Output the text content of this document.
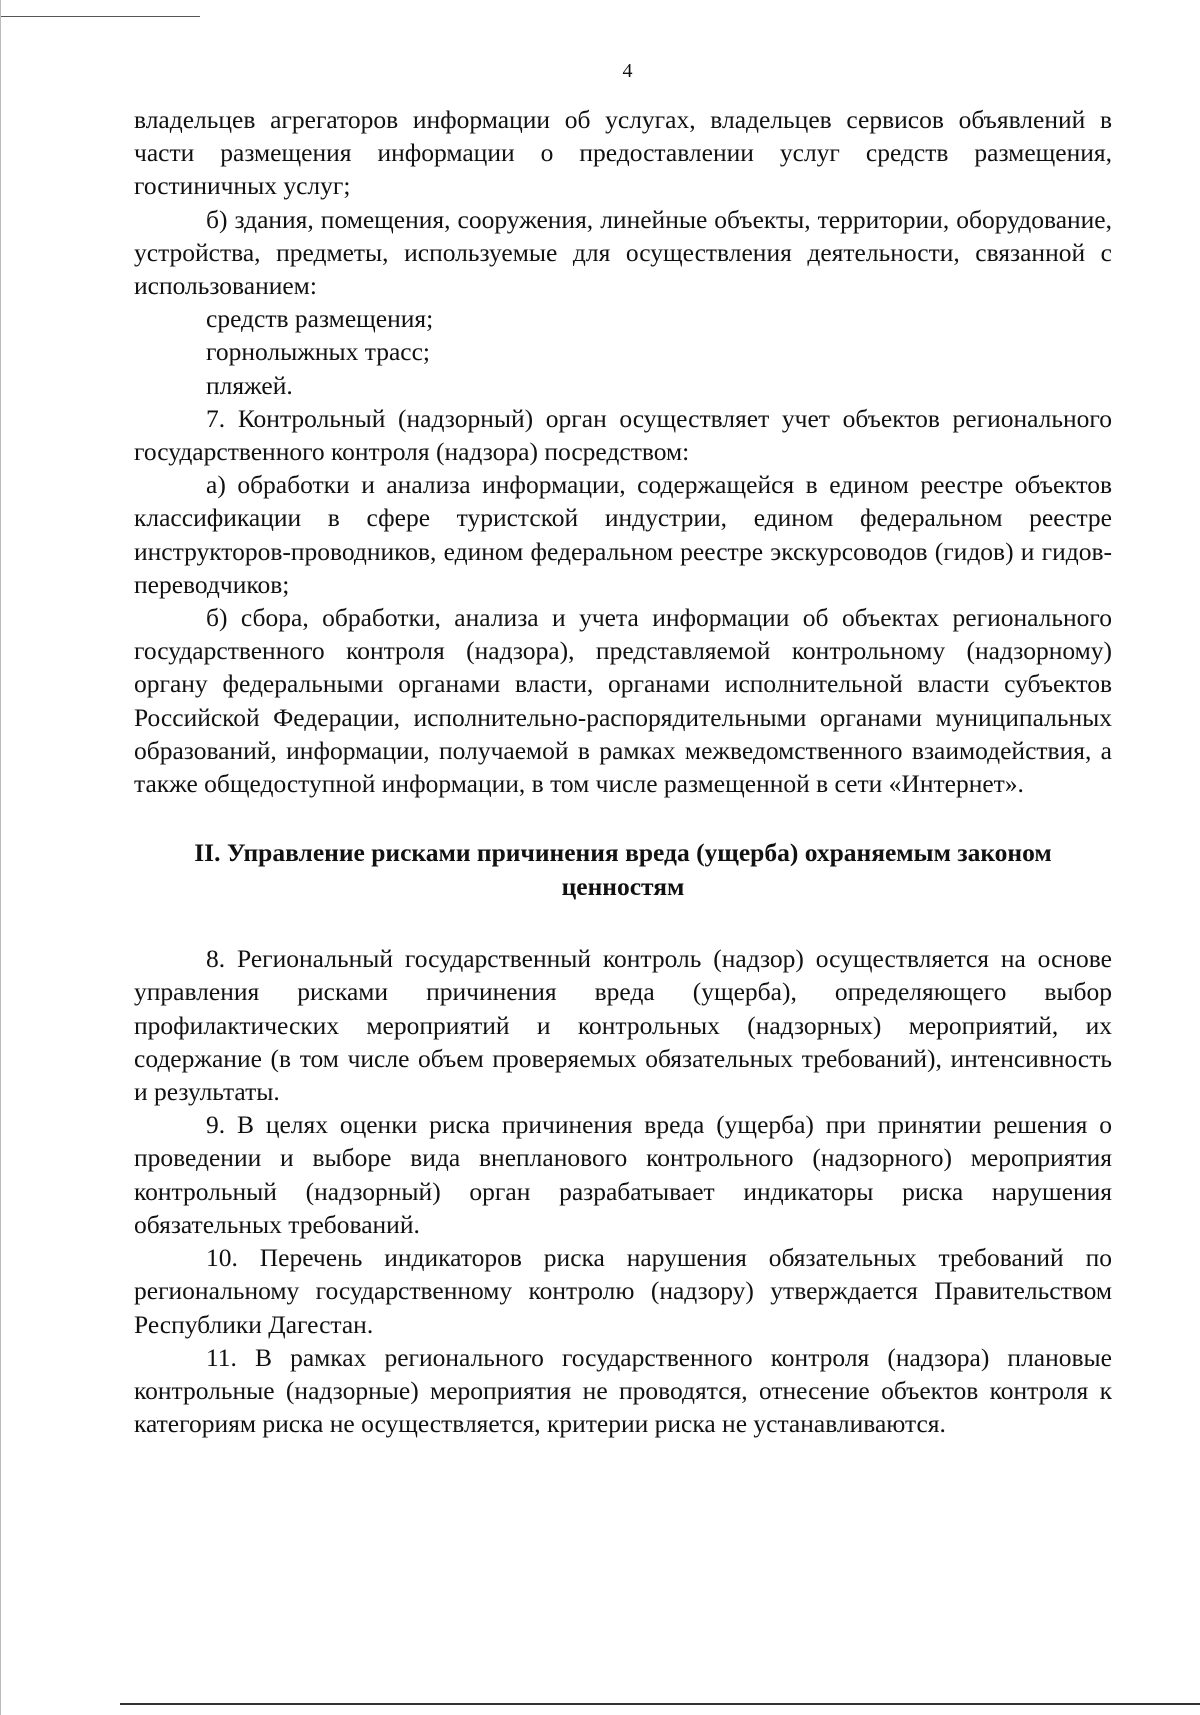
4

владельцев агрегаторов информации об услугах, владельцев сервисов объявлений в части размещения информации о предоставлении услуг средств размещения, гостиничных услуг;

б) здания, помещения, сооружения, линейные объекты, территории, оборудование, устройства, предметы, используемые для осуществления деятельности, связанной с использованием:

средств размещения;

горнолыжных трасс;

пляжей.

7. Контрольный (надзорный) орган осуществляет учет объектов регионального государственного контроля (надзора) посредством:

а) обработки и анализа информации, содержащейся в едином реестре объектов классификации в сфере туристской индустрии, едином федеральном реестре инструкторов-проводников, едином федеральном реестре экскурсоводов (гидов) и гидов-переводчиков;

б) сбора, обработки, анализа и учета информации об объектах регионального государственного контроля (надзора), представляемой контрольному (надзорному) органу федеральными органами власти, органами исполнительной власти субъектов Российской Федерации, исполнительно-распорядительными органами муниципальных образований, информации, получаемой в рамках межведомственного взаимодействия, а также общедоступной информации, в том числе размещенной в сети «Интернет».

II. Управление рисками причинения вреда (ущерба) охраняемым законом ценностям

8. Региональный государственный контроль (надзор) осуществляется на основе управления рисками причинения вреда (ущерба), определяющего выбор профилактических мероприятий и контрольных (надзорных) мероприятий, их содержание (в том числе объем проверяемых обязательных требований), интенсивность и результаты.

9. В целях оценки риска причинения вреда (ущерба) при принятии решения о проведении и выборе вида внепланового контрольного (надзорного) мероприятия контрольный (надзорный) орган разрабатывает индикаторы риска нарушения обязательных требований.

10. Перечень индикаторов риска нарушения обязательных требований по региональному государственному контролю (надзору) утверждается Правительством Республики Дагестан.

11. В рамках регионального государственного контроля (надзора) плановые контрольные (надзорные) мероприятия не проводятся, отнесение объектов контроля к категориям риска не осуществляется, критерии риска не устанавливаются.
